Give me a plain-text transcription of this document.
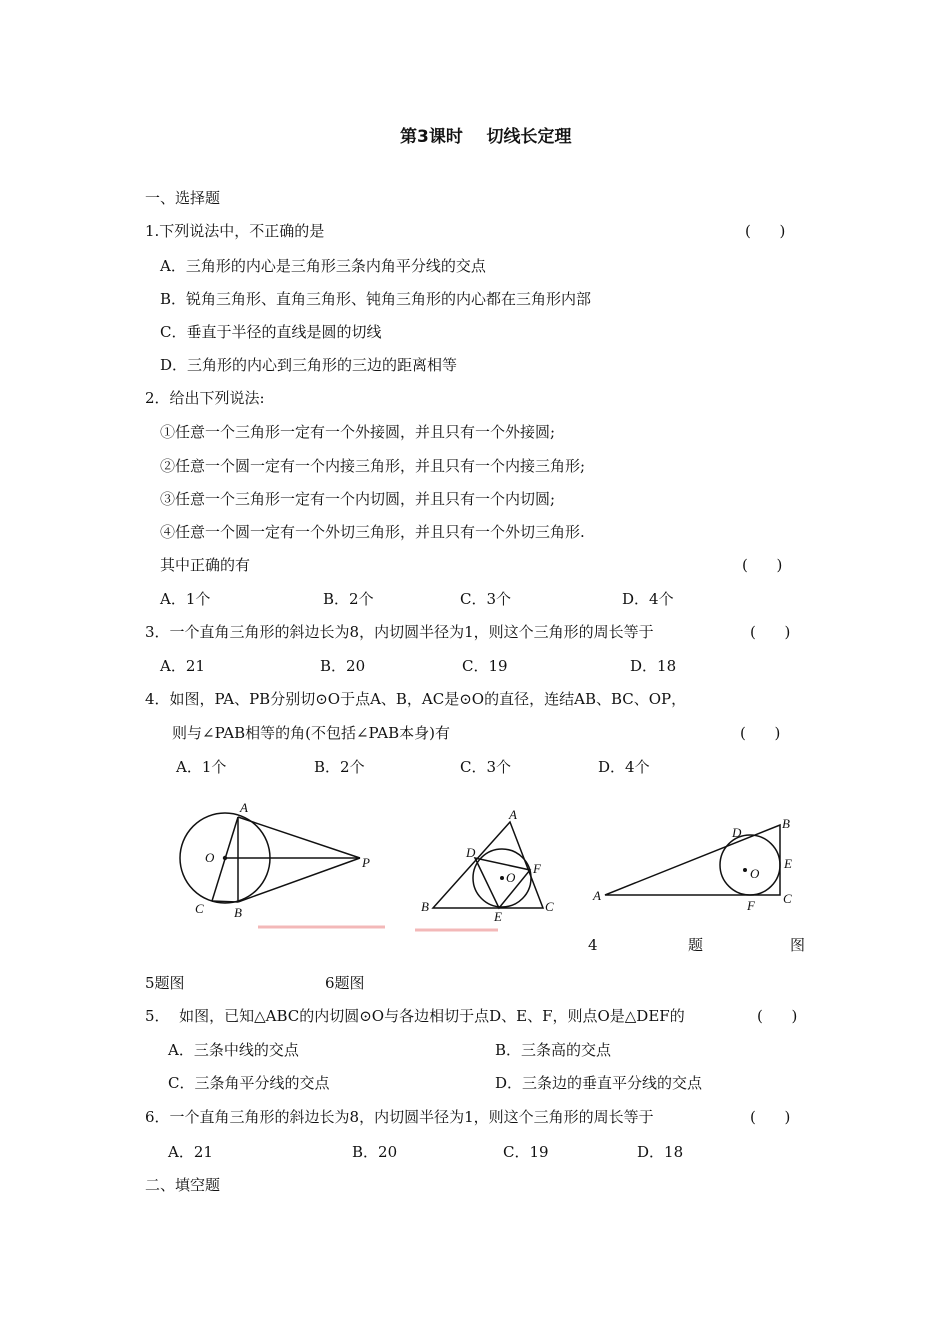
第3课时    切线长定理
一、选择题
1.下列说法中，不正确的是	(      )
A．三角形的内心是三角形三条内角平分线的交点
B．锐角三角形、直角三角形、钝角三角形的内心都在三角形内部
C．垂直于半径的直线是圆的切线
D．三角形的内心到三角形的三边的距离相等
2．给出下列说法:
①任意一个三角形一定有一个外接圆，并且只有一个外接圆;
②任意一个圆一定有一个内接三角形，并且只有一个内接三角形;
③任意一个三角形一定有一个内切圆，并且只有一个内切圆;
④任意一个圆一定有一个外切三角形，并且只有一个外切三角形.
其中正确的有	(      )
A．1个	B．2个	C．3个	D．4个
3．一个直角三角形的斜边长为8，内切圆半径为1，则这个三角形的周长等于	(      )
A．21	B．20	C．19	D．18
4．如图，PA、PB分别切⊙O于点A、B，AC是⊙O的直径，连结AB、BC、OP，
则与∠PAB相等的角(不包括∠PAB本身)有	(      )
A．1个	B．2个	C．3个	D．4个
A
O	P
C B
A
D
F
O
B
E
C
D
B
E
O
A
F C
4	题	图
5题图	6题图
5．  如图，已知△ABC的内切圆⊙O与各边相切于点D、E、F，则点O是△DEF的	(      )
A．三条中线的交点	B．三条高的交点
C．三条角平分线的交点	D．三条边的垂直平分线的交点
6．一个直角三角形的斜边长为8，内切圆半径为1，则这个三角形的周长等于	(      )
A．21	B．20	C．19	D．18
二、填空题
